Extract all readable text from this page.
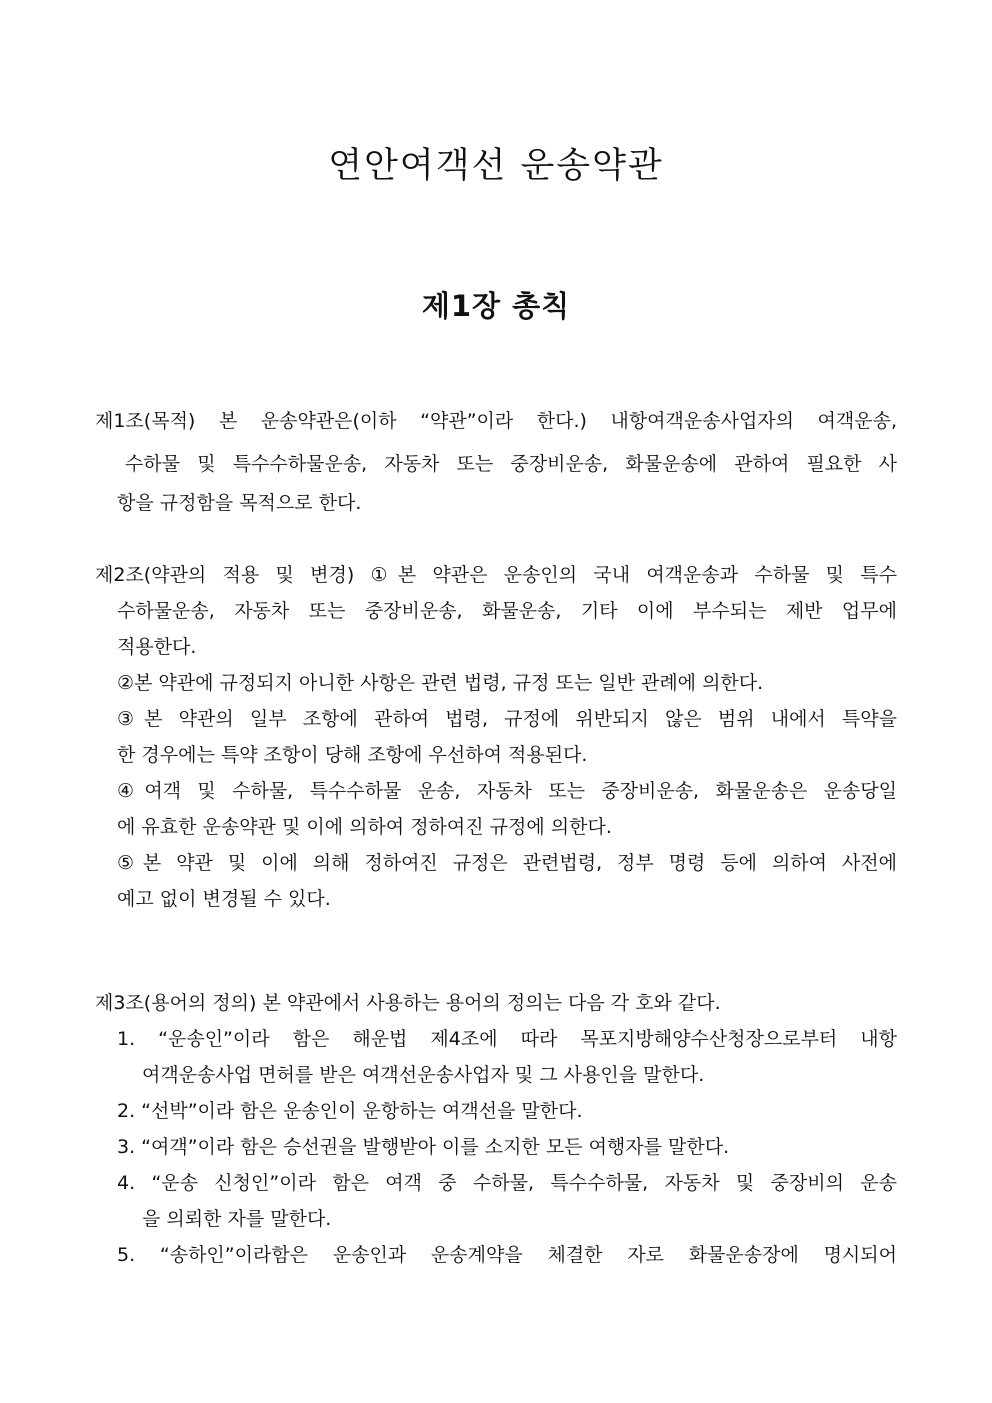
연안여객선 운송약관
제1장 총칙
제1조(목적) 본 운송약관은(이하 “약관”이라 한다.) 내항여객운송사업자의 여객운송,
수하물 및 특수수하물운송, 자동차 또는 중장비운송, 화물운송에 관하여 필요한 사
항을 규정함을 목적으로 한다.
제2조(약관의 적용 및 변경) ①본 약관은 운송인의 국내 여객운송과 수하물 및 특수
수하물운송, 자동차 또는 중장비운송, 화물운송, 기타 이에 부수되는 제반 업무에
적용한다.
②본 약관에 규정되지 아니한 사항은 관련 법령, 규정 또는 일반 관례에 의한다.
③본 약관의 일부 조항에 관하여 법령, 규정에 위반되지 않은 범위 내에서 특약을
한 경우에는 특약 조항이 당해 조항에 우선하여 적용된다.
④여객 및 수하물, 특수수하물 운송, 자동차 또는 중장비운송, 화물운송은 운송당일
에 유효한 운송약관 및 이에 의하여 정하여진 규정에 의한다.
⑤본 약관 및 이에 의해 정하여진 규정은 관련법령, 정부 명령 등에 의하여 사전에
예고 없이 변경될 수 있다.
제3조(용어의 정의) 본 약관에서 사용하는 용어의 정의는 다음 각 호와 같다.
1. “운송인”이라 함은 해운법 제4조에 따라 목포지방해양수산청장으로부터 내항
여객운송사업 면허를 받은 여객선운송사업자 및 그 사용인을 말한다.
2. “선박”이라 함은 운송인이 운항하는 여객선을 말한다.
3. “여객”이라 함은 승선권을 발행받아 이를 소지한 모든 여행자를 말한다.
4. “운송 신청인”이라 함은 여객 중 수하물, 특수수하물, 자동차 및 중장비의 운송
을 의뢰한 자를 말한다.
5. “송하인”이라함은 운송인과 운송계약을 체결한 자로 화물운송장에 명시되어
